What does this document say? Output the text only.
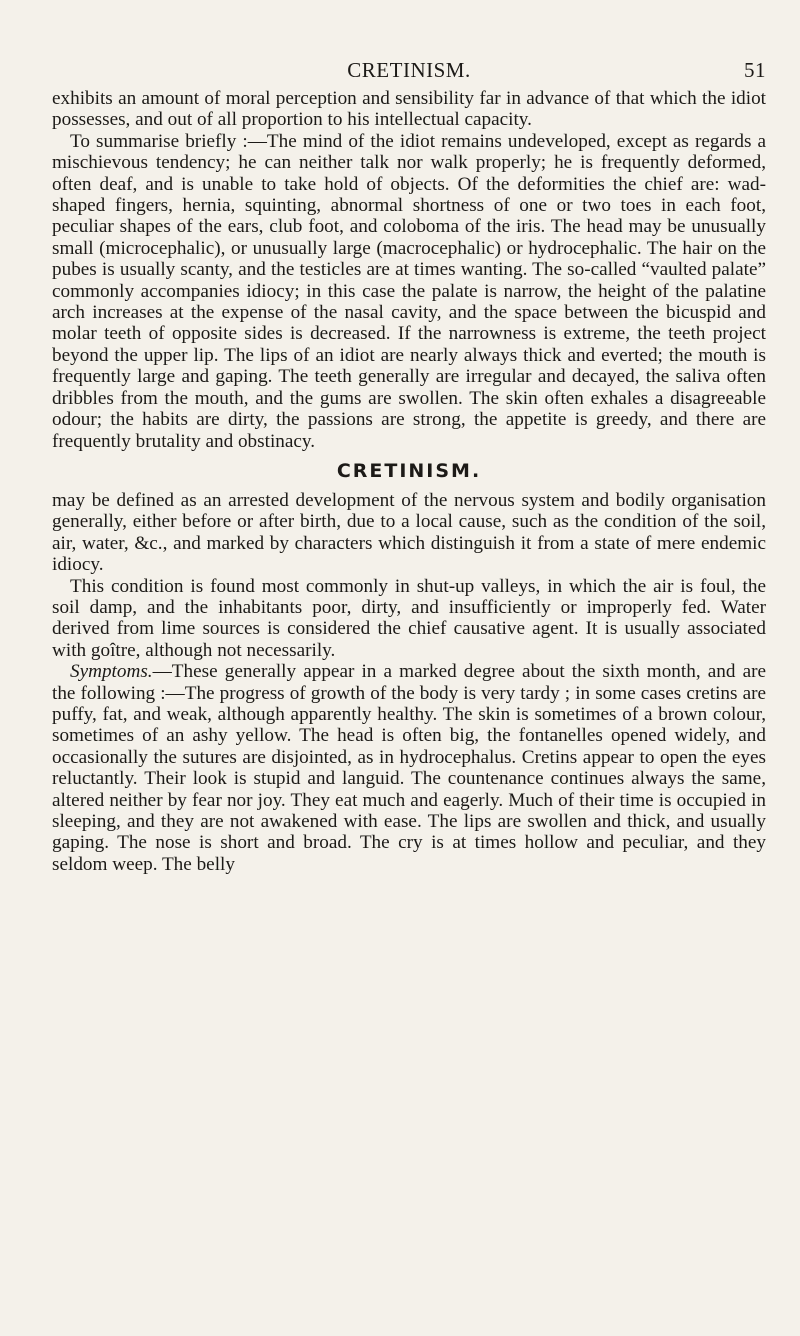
CRETINISM.	51

exhibits an amount of moral perception and sensibility far in advance of that which the idiot possesses, and out of all proportion to his intellectual capacity.

To summarise briefly :—The mind of the idiot remains undeveloped, except as regards a mischievous tendency; he can neither talk nor walk properly; he is frequently deformed, often deaf, and is unable to take hold of objects. Of the deformities the chief are: wad-shaped fingers, hernia, squinting, abnormal shortness of one or two toes in each foot, peculiar shapes of the ears, club foot, and coloboma of the iris. The head may be unusually small (microcephalic), or unusually large (macrocephalic) or hydrocephalic. The hair on the pubes is usually scanty, and the testicles are at times wanting. The so-called “vaulted palate” commonly accompanies idiocy; in this case the palate is narrow, the height of the palatine arch increases at the expense of the nasal cavity, and the space between the bicuspid and molar teeth of opposite sides is decreased. If the narrowness is extreme, the teeth project beyond the upper lip. The lips of an idiot are nearly always thick and everted; the mouth is frequently large and gaping. The teeth generally are irregular and decayed, the saliva often dribbles from the mouth, and the gums are swollen. The skin often exhales a disagreeable odour; the habits are dirty, the passions are strong, the appetite is greedy, and there are frequently brutality and obstinacy.

CRETINISM.

may be defined as an arrested development of the nervous system and bodily organisation generally, either before or after birth, due to a local cause, such as the condition of the soil, air, water, &c., and marked by characters which distinguish it from a state of mere endemic idiocy.

This condition is found most commonly in shut-up valleys, in which the air is foul, the soil damp, and the inhabitants poor, dirty, and insufficiently or improperly fed. Water derived from lime sources is considered the chief causative agent. It is usually associated with goître, although not necessarily.

Symptoms.—These generally appear in a marked degree about the sixth month, and are the following :—The progress of growth of the body is very tardy ; in some cases cretins are puffy, fat, and weak, although apparently healthy. The skin is sometimes of a brown colour, sometimes of an ashy yellow. The head is often big, the fontanelles opened widely, and occasionally the sutures are disjointed, as in hydrocephalus. Cretins appear to open the eyes reluctantly. Their look is stupid and languid. The countenance continues always the same, altered neither by fear nor joy. They eat much and eagerly. Much of their time is occupied in sleeping, and they are not awakened with ease. The lips are swollen and thick, and usually gaping. The nose is short and broad. The cry is at times hollow and peculiar, and they seldom weep. The belly
